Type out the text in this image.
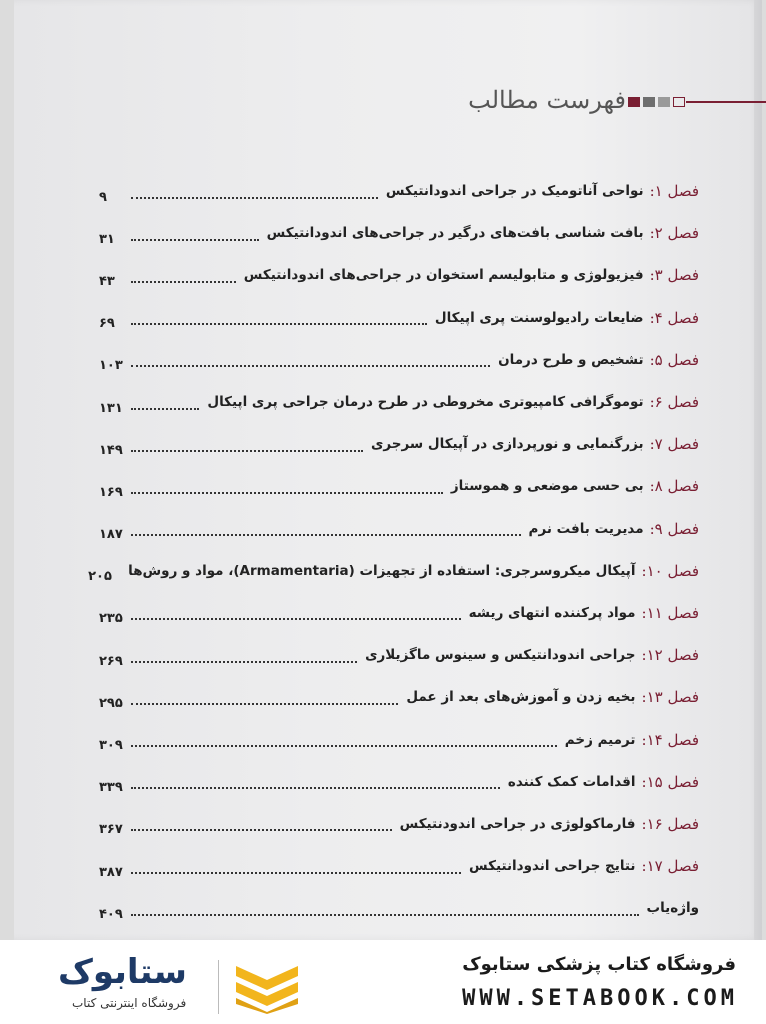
فهرست مطالب
فصل ۱:
نواحی آناتومیک در جراحی اندودانتیکس
۹
فصل ۲:
بافت شناسی بافت‌های درگیر در جراحی‌های اندودانتیکس
۳۱
فصل ۳:
فیزیولوژی و متابولیسم استخوان در جراحی‌های اندودانتیکس
۴۳
فصل ۴:
ضایعات رادیولوسنت پری اپیکال
۶۹
فصل ۵:
تشخیص و طرح درمان
۱۰۳
فصل ۶:
توموگرافی کامپیوتری مخروطی در طرح درمان جراحی پری اپیکال
۱۳۱
فصل ۷:
بزرگنمایی و نورپردازی در آپیکال سرجری
۱۴۹
فصل ۸:
بی حسی موضعی و هموستاز
۱۶۹
فصل ۹:
مدیریت بافت نرم
۱۸۷
فصل ۱۰:
آپیکال میکروسرجری: استفاده از تجهیزات (Armamentaria)، مواد و روش‌ها
۲۰۵
فصل ۱۱:
مواد پرکننده انتهای ریشه
۲۳۵
فصل ۱۲:
جراحی اندودانتیکس و سینوس ماگزیلاری
۲۶۹
فصل ۱۳:
بخیه زدن و آموزش‌های بعد از عمل
۲۹۵
فصل ۱۴:
ترمیم زخم
۳۰۹
فصل ۱۵:
اقدامات کمک کننده
۳۳۹
فصل ۱۶:
فارماکولوژی در جراحی اندودنتیکس
۳۶۷
فصل ۱۷:
نتایج جراحی اندودانتیکس
۳۸۷
واژه‌یاب
۴۰۹
ستابوک
فروشگاه اینترنتی کتاب
فروشگاه کتاب پزشکی ستابوک
WWW.SETABOOK.COM
